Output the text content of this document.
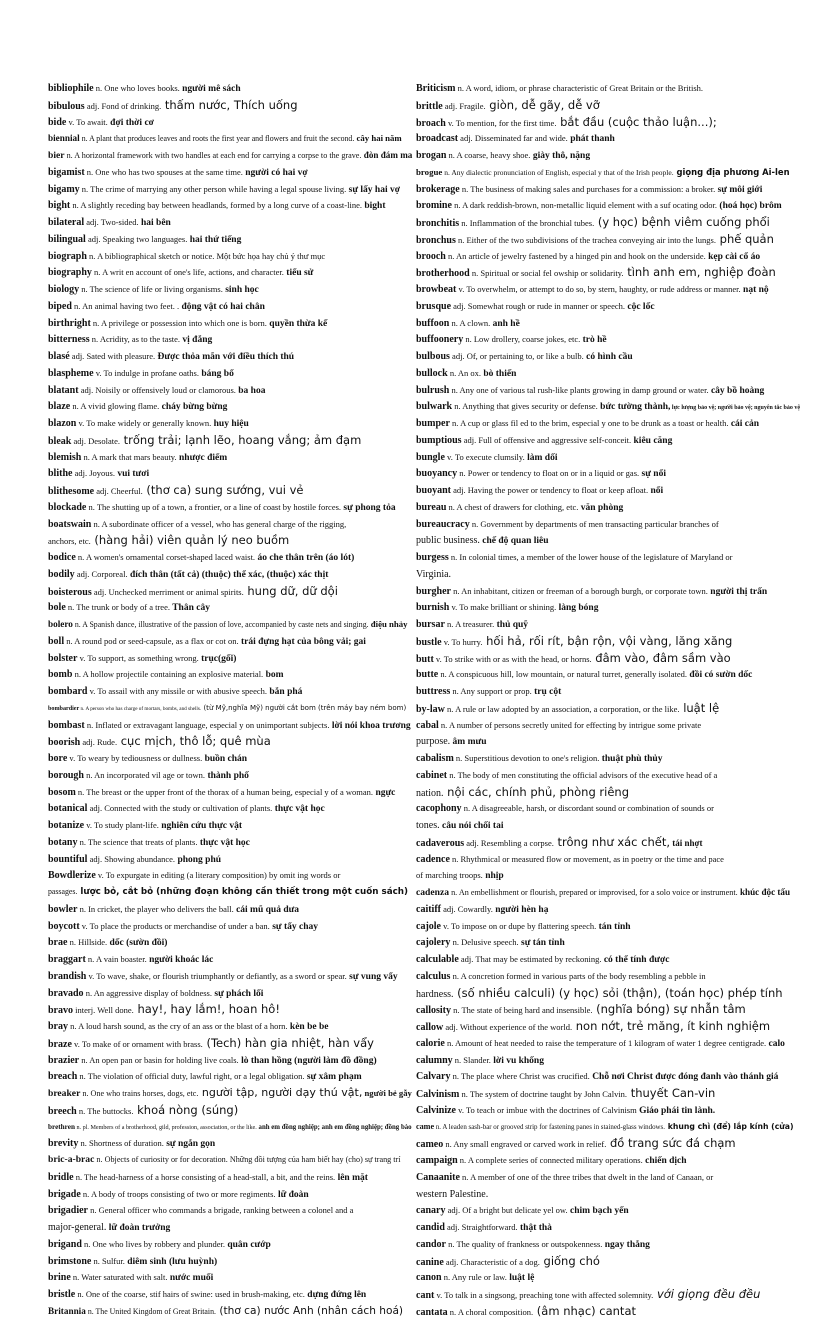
bibliophile n. One who loves books. người mê sách
bibulous adj. Fond of drinking. thấm nước, Thích uống
bide v. To await. đợi thời cơ
biennial n. A plant that produces leaves and roots the first year and flowers and fruit the second. cây hai năm
bier n. A horizontal framework with two handles at each end for carrying a corpse to the grave. đòn đám ma
bigamist n. One who has two spouses at the same time. người có hai vợ
bigamy n. The crime of marrying any other person while having a legal spouse living. sự lấy hai vợ
bight n. A slightly receding bay between headlands, formed by a long curve of a coast-line. bight
bilateral adj. Two-sided. hai bên
bilingual adj. Speaking two languages. hai thứ tiếng
biograph n. A bibliographical sketch or notice. Một bức họa hay chủ ý thư mục
biography n. A writ en account of one's life, actions, and character. tiểu sử
biology n. The science of life or living organisms. sinh học
biped n. An animal having two feet. . động vật có hai chân
birthright n. A privilege or possession into which one is born. quyền thừa kế
bitterness n. Acridity, as to the taste. vị đắng
blasé adj. Sated with pleasure. Được thỏa mãn với điều thích thú
blaspheme v. To indulge in profane oaths. báng bổ
blatant adj. Noisily or offensively loud or clamorous. ba hoa
blaze n. A vivid glowing flame. cháy bừng bừng
blazon v. To make widely or generally known. huy hiệu
bleak adj. Desolate. trống trải; lạnh lẽo, hoang vắng; ảm đạm
blemish n. A mark that mars beauty. nhược điểm
blithe adj. Joyous. vui tươi
blithesome adj. Cheerful. (thơ ca) sung sướng, vui vẻ
blockade n. The shutting up of a town, a frontier, or a line of coast by hostile forces. sự phong tỏa
boatswain n. A subordinate officer of a vessel, who has general charge of the rigging,
anchors, etc. (hàng hải) viên quản lý neo buồm
bodice n. A women's ornamental corset-shaped laced waist. áo che thân trên (áo lót)
bodily adj. Corporeal. đích thân (tất cả) (thuộc) thể xác, (thuộc) xác thịt
boisterous adj. Unchecked merriment or animal spirits. hung dữ, dữ dội
bole n. The trunk or body of a tree. Thân cây
bolero n. A Spanish dance, illustrative of the passion of love, accompanied by caste nets and singing. điệu nhảy
boll n. A round pod or seed-capsule, as a flax or cot on. trái đựng hạt của bông vải; gai
bolster v. To support, as something wrong. trục(gối)
bomb n. A hollow projectile containing an explosive material. bom
bombard v. To assail with any missile or with abusive speech. bắn phá
bombardiern.A person who has charge of mortars, bombs, and shells. (từ Mỹ,nghĩa Mỹ) người cắt bom (trên máy bay ném bom)
bombast n. Inflated or extravagant language, especial y on unimportant subjects. lời nói khoa trương
boorish adj. Rude. cục mịch, thô lỗ; quê mùa
bore v. To weary by tediousness or dullness. buồn chán
borough n. An incorporated vil age or town. thành phố
bosom n. The breast or the upper front of the thorax of a human being, especial y of a woman. ngực
botanical adj. Connected with the study or cultivation of plants. thực vật học
botanize v. To study plant-life. nghiên cứu thực vật
botany n. The science that treats of plants. thực vật học
bountiful adj. Showing abundance. phong phú
Bowdlerize v. To expurgate in editing (a literary composition) by omit ing words or
passages. lược bỏ, cắt bỏ (những đoạn không cần thiết trong một cuốn sách)
bowler n. In cricket, the player who delivers the ball. cái mũ quả dưa
boycott v. To place the products or merchandise of under a ban. sự tẩy chay
brae n. Hillside. dốc (sườn đồi)
braggart n. A vain boaster. người khoác lác
brandish v. To wave, shake, or flourish triumphantly or defiantly, as a sword or spear. sự vung vẩy
bravado n. An aggressive display of boldness. sự phách lối
bravo interj. Well done. hay!, hay lắm!, hoan hô!
bray n. A loud harsh sound, as the cry of an ass or the blast of a horn. kèn be be
braze v. To make of or ornament with brass. (Tech) hàn gia nhiệt, hàn vẩy
brazier n. An open pan or basin for holding live coals. lò than hồng (người làm đồ đồng)
breach n. The violation of official duty, lawful right, or a legal obligation. sự xâm phạm
breaker n. One who trains horses, dogs, etc. người tập, người dạy thú vật, người bẻ gẫy
breech n. The buttocks. khoá nòng (súng)
brethren n. pl. Members of a brotherhood, gild, profession, association, or the like. anh em đồng nghiệp; anh em đồng nghiệp; đồng bào
brevity n. Shortness of duration. sự ngắn gọn
bric-a-brac n. Objects of curiosity or for decoration. Những đồi tượng của ham biết hay (cho) sự trang trí
bridle n. The head-harness of a horse consisting of a head-stall, a bit, and the reins. lên mặt
brigade n. A body of troops consisting of two or more regiments. lữ đoàn
brigadier n. General officer who commands a brigade, ranking between a colonel and a
major-general. lữ đoàn trưởng
brigand n. One who lives by robbery and plunder. quân cướp
brimstone n. Sulfur. diêm sinh (lưu huỳnh)
brine n. Water saturated with salt. nước muối
bristle n. One of the coarse, stif hairs of swine: used in brush-making, etc. dựng đứng lên
Britannia n. The United Kingdom of Great Britain. (thơ ca) nước Anh (nhân cách hoá)
Briticism n. A word, idiom, or phrase characteristic of Great Britain or the British.
brittle adj. Fragile. giòn, dễ gãy, dễ vỡ
broach v. To mention, for the first time. bắt đầu (cuộc thảo luận...);
broadcast adj. Disseminated far and wide. phát thanh
brogan n. A coarse, heavy shoe. giày thô, nặng
brogue n.Any dialectic pronunciation of English, especial y that of the Irish people. giọng địa phương Ai-len
brokerage n. The business of making sales and purchases for a commission: a broker. sự môi giới
bromine n. A dark reddish-brown, non-metallic liquid element with a suf ocating odor. (hoá học) brôm
bronchitis n. Inflammation of the bronchial tubes. (y học) bệnh viêm cuống phổi
bronchus n. Either of the two subdivisions of the trachea conveying air into the lungs. phế quản
brooch n. An article of jewelry fastened by a hinged pin and hook on the underside. kẹp cài cổ áo
brotherhood n. Spiritual or social fel owship or solidarity. tình anh em, nghiệp đoàn
browbeat v. To overwhelm, or attempt to do so, by stern, haughty, or rude address or manner. nạt nộ
brusque adj. Somewhat rough or rude in manner or speech. cộc lốc
buffoon n. A clown. anh hề
buffoonery n. Low drollery, coarse jokes, etc. trò hề
bulbous adj. Of, or pertaining to, or like a bulb. có hình cầu
bullock n. An ox. bò thiến
bulrush n. Any one of various tal rush-like plants growing in damp ground or water. cây bồ hoàng
bulwark n. Anything that gives security or defense. bức tường thành, lực lượng bảo vệ; người bảo vệ; nguyên tắc bảo vệ
bumper n. A cup or glass fil ed to the brim, especial y one to be drunk as a toast or health. cái cản
bumptious adj. Full of offensive and aggressive self-conceit. kiêu căng
bungle v. To execute clumsily. làm dối
buoyancy n. Power or tendency to float on or in a liquid or gas. sự nổi
buoyant adj. Having the power or tendency to float or keep afloat. nổi
bureau n. A chest of drawers for clothing, etc. văn phòng
bureaucracy n. Government by departments of men transacting particular branches of
public business. chế độ quan liêu
burgess n. In colonial times, a member of the lower house of the legislature of Maryland or
Virginia.
burgher n. An inhabitant, citizen or freeman of a borough burgh, or corporate town. người thị trấn
burnish v. To make brilliant or shining. làng bóng
bursar n. A treasurer. thủ quỹ
bustle v. To hurry. hối hả, rối rít, bận rộn, vội vàng, lăng xăng
butt v. To strike with or as with the head, or horns. đâm vào, đâm sầm vào
butte n. A conspicuous hill, low mountain, or natural turret, generally isolated. đồi có sườn dốc
buttress n. Any support or prop. trụ cột
by-law n. A rule or law adopted by an association, a corporation, or the like. luật lệ
cabal n. A number of persons secretly united for effecting by intrigue some private
purpose. âm mưu
cabalism n. Superstitious devotion to one's religion. thuật phù thủy
cabinet n. The body of men constituting the official advisors of the executive head of a
nation. nội các, chính phủ, phòng riêng
cacophony n. A disagreeable, harsh, or discordant sound or combination of sounds or
tones. câu nói chối tai
cadaverous adj. Resembling a corpse. trông như xác chết, tái nhợt
cadence n. Rhythmical or measured flow or movement, as in poetry or the time and pace
of marching troops. nhịp
cadenza n. An embellishment or flourish, prepared or improvised, for a solo voice or instrument. khúc độc tấu
caitiff adj. Cowardly. người hèn hạ
cajole v. To impose on or dupe by flattering speech. tán tỉnh
cajolery n. Delusive speech. sự tán tỉnh
calculable adj. That may be estimated by reckoning. có thể tính được
calculus n. A concretion formed in various parts of the body resembling a pebble in
hardness. (số nhiều calculi) (y học) sỏi (thận), (toán học) phép tính
callosity n. The state of being hard and insensible. (nghĩa bóng) sự nhẫn tâm
callow adj. Without experience of the world. non nớt, trẻ măng, ít kinh nghiệm
calorie n. Amount of heat needed to raise the temperature of 1 kilogram of water 1 degree centigrade. calo
calumny n. Slander. lời vu khống
Calvary n. The place where Christ was crucified. Chỗ nơi Christ được đóng đanh vào thánh giá
Calvinism n. The system of doctrine taught by John Calvin. thuyết Can-vin
Calvinize v. To teach or imbue with the doctrines of Calvinism Giáo phái tin lành.
came n.A leaden sash-bar or grooved strip for fastening panes in stained-glass windows. khung chì (để) lắp kính (cửa)
cameo n. Any small engraved or carved work in relief. đồ trang sức đá chạm
campaign n. A complete series of connected military operations. chiến dịch
Canaanite n. A member of one of the three tribes that dwelt in the land of Canaan, or
western Palestine.
canary adj. Of a bright but delicate yel ow. chim bạch yến
candid adj. Straightforward. thật thà
candor n. The quality of frankness or outspokenness. ngay thẳng
canine adj. Characteristic of a dog. giống chó
canon n. Any rule or law. luật lệ
cant v. To talk in a singsong, preaching tone with affected solemnity. với giọng đều đều
cantata n. A choral composition. (âm nhạc) cantat
